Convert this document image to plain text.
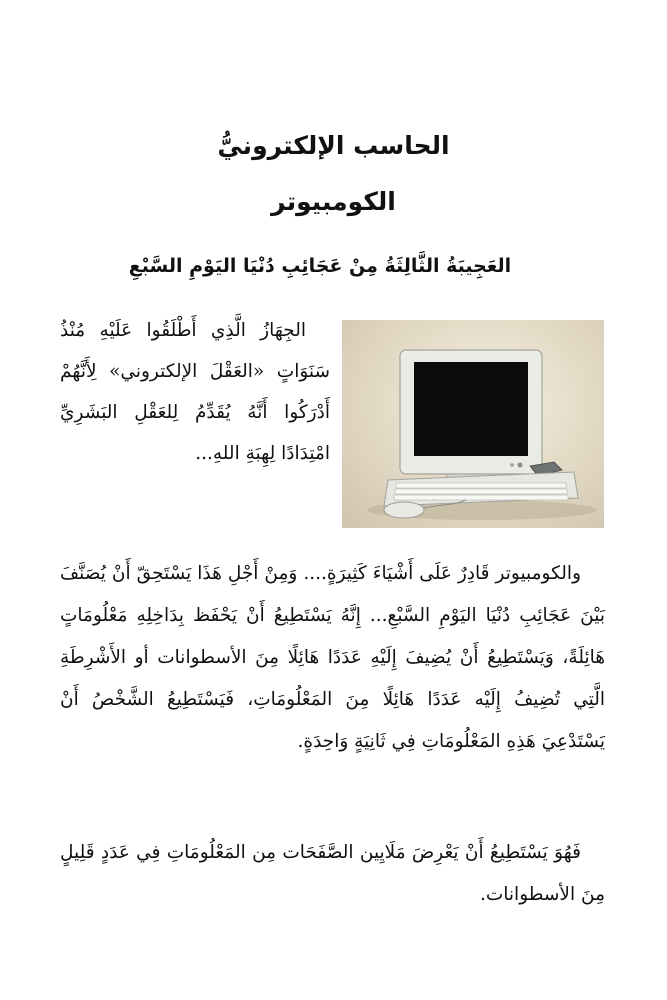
الحاسب الإلكترونيُّ
الكومبيوتر
العَجِيبَةُ الثَّالِثَةُ مِنْ عَجَائِبِ دُنْيَا اليَوْمِ السَّبْعِ

الجِهَازُ الَّذِي أَطْلَقُوا عَلَيْهِ مُنْذُ سَنَوَاتٍ «العَقْلَ الإلكتروني» لِأَنَّهُمْ أَدْرَكُوا أَنَّهُ يُقَدِّمُ لِلعَقْلِ البَشَرِيِّ امْتِدَادًا لِهِبَةِ اللهِ...

والكومبيوتر قَادِرٌ عَلَى أَشْيَاءَ كَثِيرَةٍ.... وَمِنْ أَجْلِ هَذَا يَسْتَحِقّ أَنْ يُصَنَّفَ بَيْنَ عَجَائِبِ دُنْيَا اليَوْمِ السَّبْعِ... إِنَّهُ يَسْتَطِيعُ أَنْ يَحْفَظ بِدَاخِلِهِ مَعْلُومَاتٍ هَائِلَةً، وَيَسْتَطِيعُ أَنْ يُضِيفَ إِلَيْهِ عَدَدًا هَائِلًا مِنَ الأسطوانات أو الأَشْرِطَةِ الَّتِي تُضِيفُ إِلَيْه عَدَدًا هَائِلًا مِنَ المَعْلُومَاتِ، فَيَسْتَطِيعُ الشَّخْصُ أَنْ يَسْتَدْعِيَ هَذِهِ المَعْلُومَاتِ فِي ثَانِيَةٍ وَاحِدَةٍ.

فَهُوَ يَسْتَطِيعُ أَنْ يَعْرِضَ مَلَايِين الصَّفَحَات مِن المَعْلُومَاتِ فِي عَدَدٍ قَلِيلٍ مِنَ الأسطوانات.
